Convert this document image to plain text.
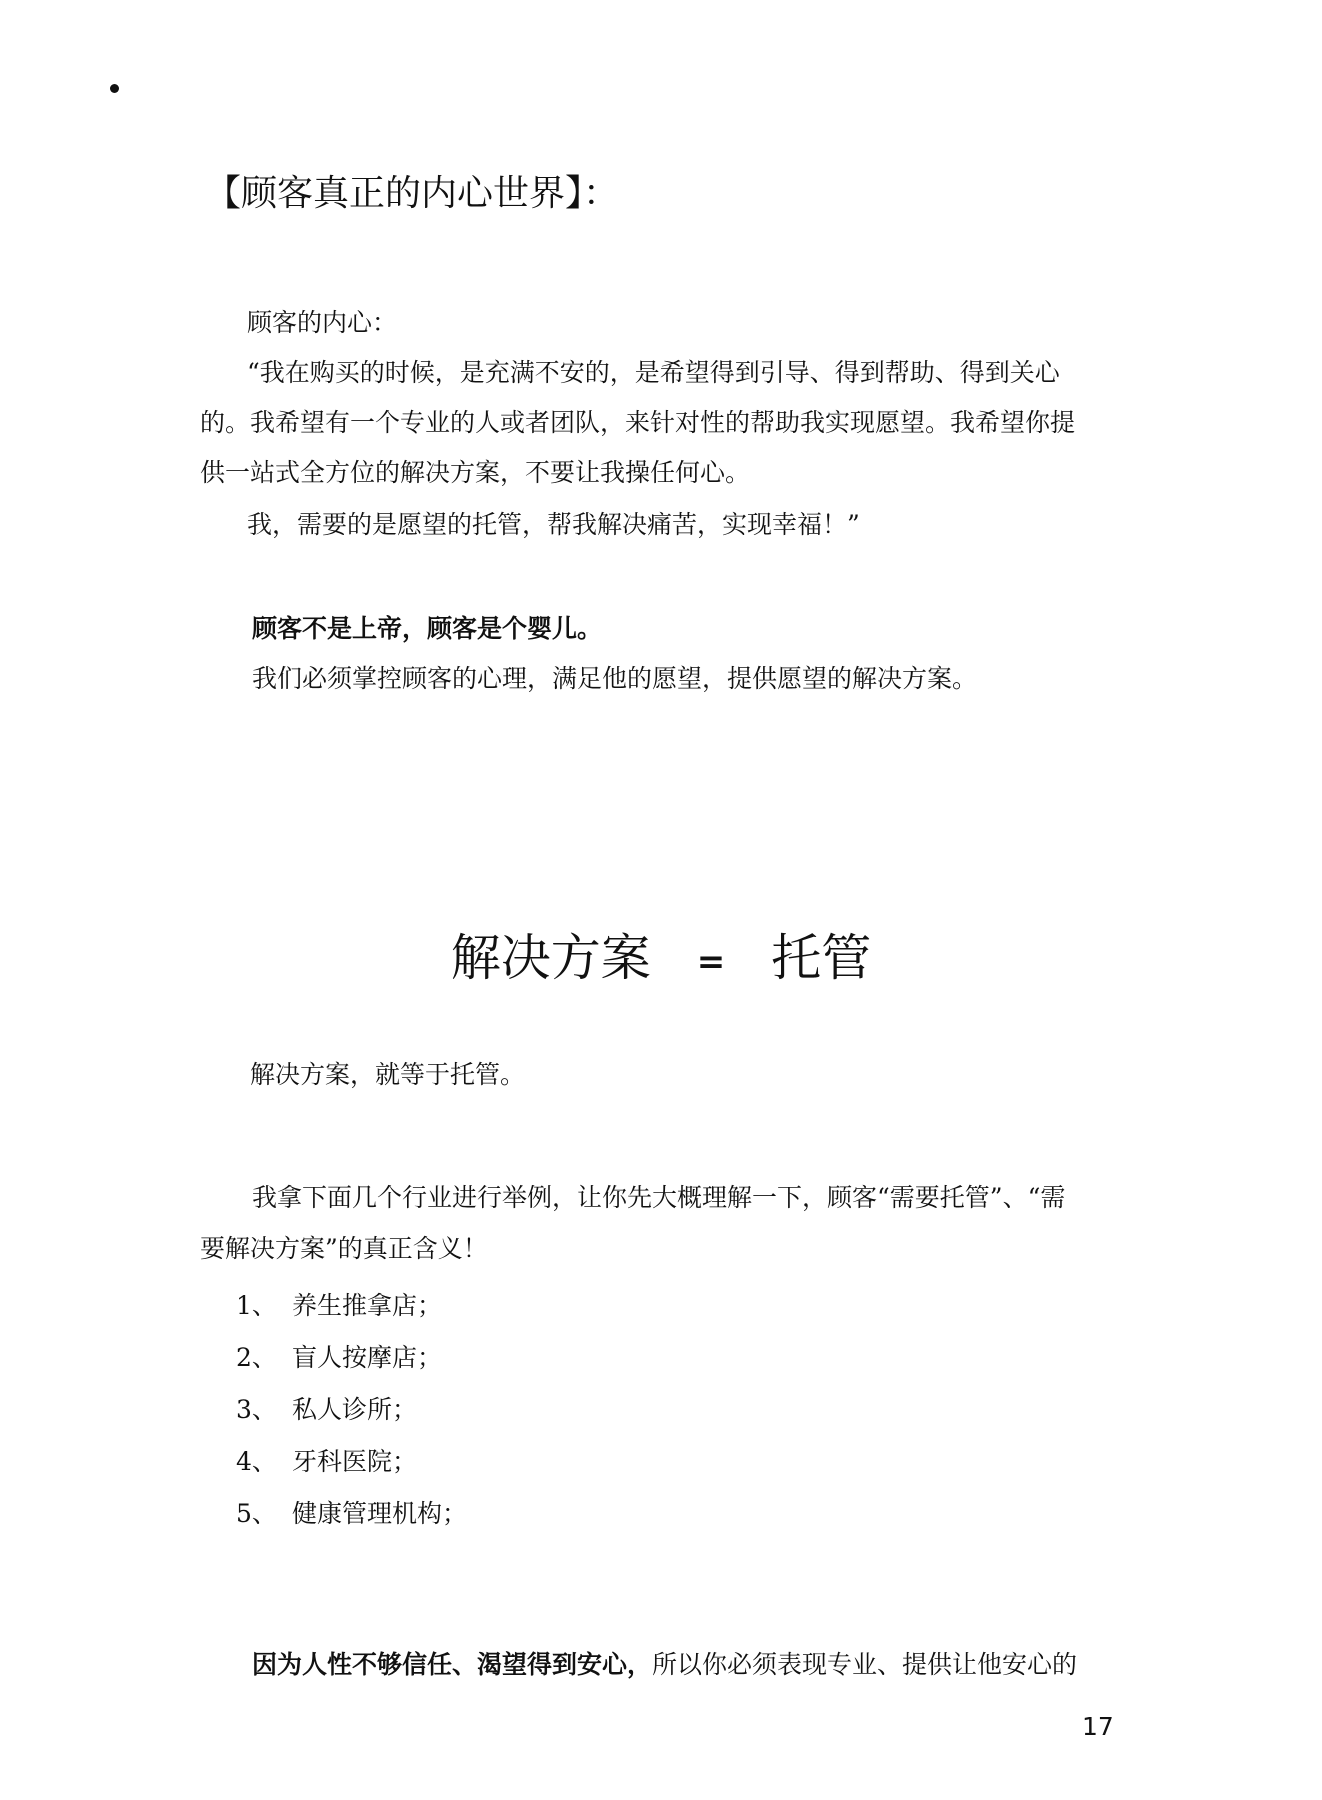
【顾客真正的内心世界】：
顾客的内心：
“我在购买的时候，是充满不安的，是希望得到引导、得到帮助、得到关心
的。我希望有一个专业的人或者团队，来针对性的帮助我实现愿望。我希望你提
供一站式全方位的解决方案，不要让我操任何心。
我，需要的是愿望的托管，帮我解决痛苦，实现幸福！”
顾客不是上帝，顾客是个婴儿。
我们必须掌控顾客的心理，满足他的愿望，提供愿望的解决方案。
解决方案 = 托管
解决方案，就等于托管。
我拿下面几个行业进行举例，让你先大概理解一下，顾客“需要托管”、“需
要解决方案”的真正含义！
1、 养生推拿店；
2、 盲人按摩店；
3、 私人诊所；
4、 牙科医院；
5、 健康管理机构；
因为人性不够信任、渴望得到安心，所以你必须表现专业、提供让他安心的
17
